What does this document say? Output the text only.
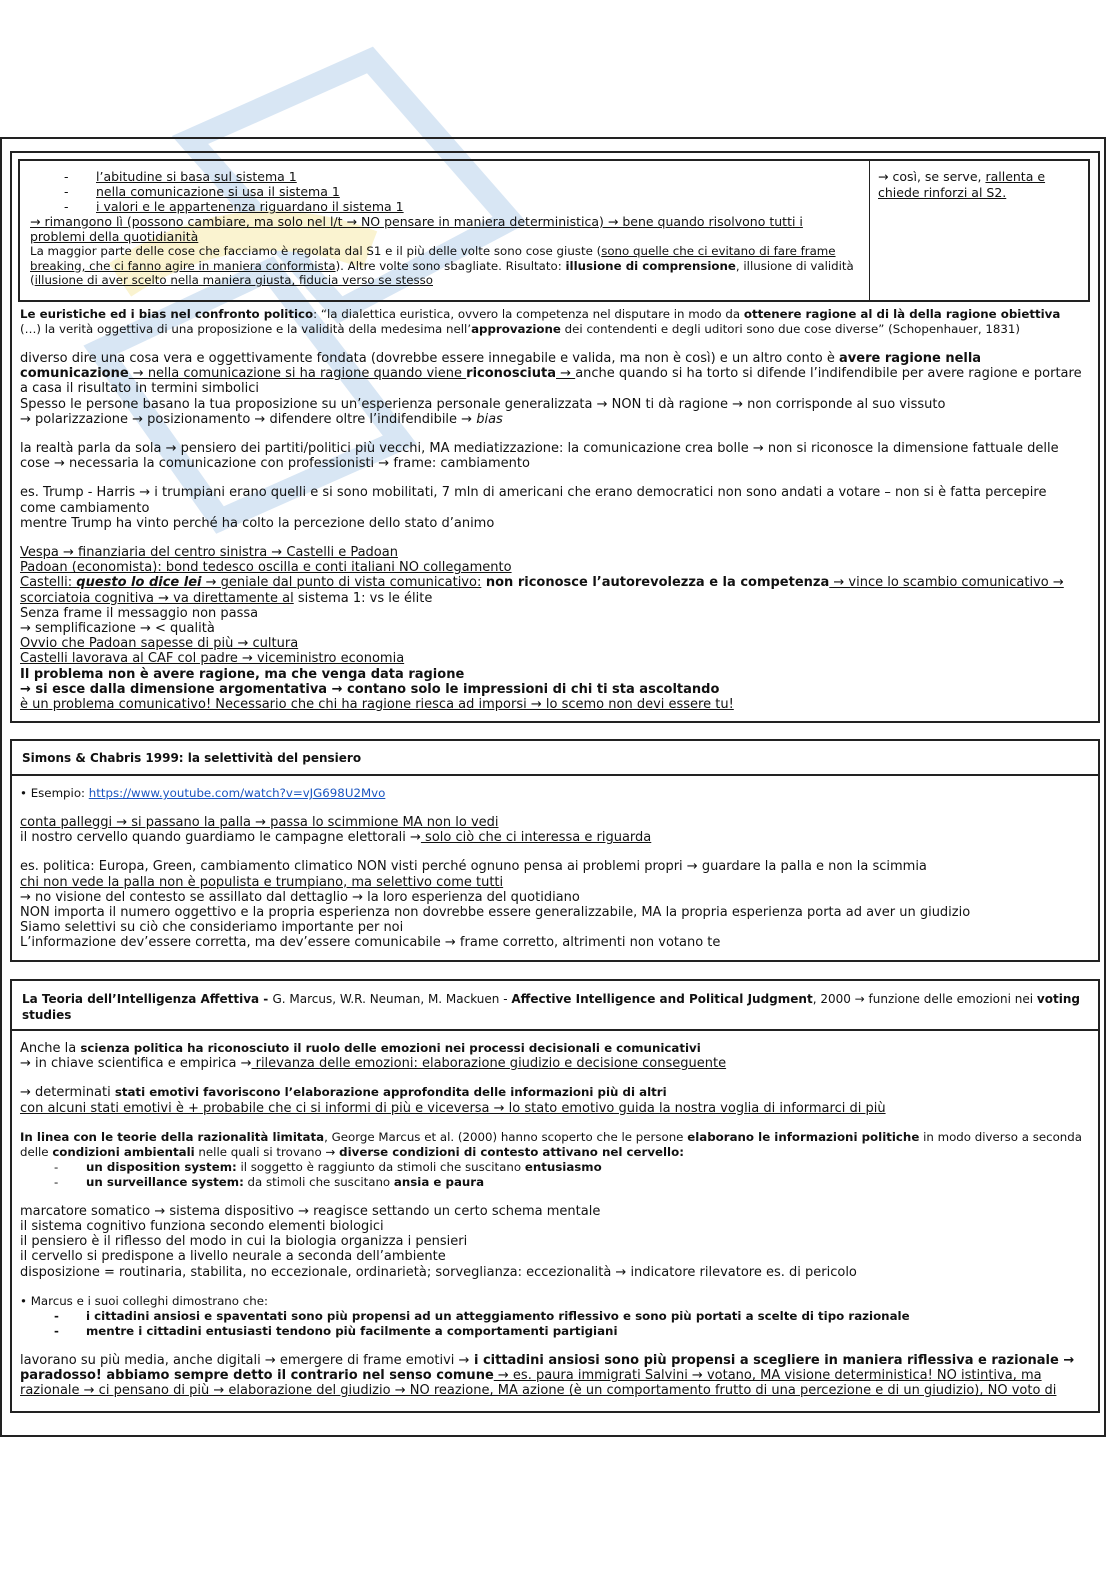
- l’abitudine si basa sul sistema 1
- nella comunicazione si usa il sistema 1
- i valori e le appartenenza riguardano il sistema 1
→ rimangono lì (possono cambiare, ma solo nel l/t → NO pensare in maniera deterministica) → bene quando risolvono tutti i problemi della quotidianità
La maggior parte delle cose che facciamo è regolata dal S1 e il più delle volte sono cose giuste (sono quelle che ci evitano di fare frame breaking, che ci fanno agire in maniera conformista). Altre volte sono sbagliate. Risultato: illusione di comprensione, illusione di validità (illusione di aver scelto nella maniera giusta, fiducia verso se stesso
→ così, se serve, rallenta e chiede rinforzi al S2.

Le euristiche ed i bias nel confronto politico: “la dialettica euristica, ovvero la competenza nel disputare in modo da ottenere ragione al di là della ragione obiettiva (…) la verità oggettiva di una proposizione e la validità della medesima nell’approvazione dei contendenti e degli uditori sono due cose diverse” (Schopenhauer, 1831)

diverso dire una cosa vera e oggettivamente fondata (dovrebbe essere innegabile e valida, ma non è così) e un altro conto è avere ragione nella comunicazione → nella comunicazione si ha ragione quando viene riconosciuta → anche quando si ha torto si difende l’indifendibile per avere ragione e portare a casa il risultato in termini simbolici

Spesso le persone basano la tua proposizione su un’esperienza personale generalizzata → NON ti dà ragione → non corrisponde al suo vissuto

→ polarizzazione → posizionamento → difendere oltre l’indifendibile → bias

la realtà parla da sola → pensiero dei partiti/politici più vecchi, MA mediatizzazione: la comunicazione crea bolle → non si riconosce la dimensione fattuale delle cose → necessaria la comunicazione con professionisti → frame: cambiamento

es. Trump - Harris → i trumpiani erano quelli e si sono mobilitati, 7 mln di americani che erano democratici non sono andati a votare – non si è fatta percepire come cambiamento

mentre Trump ha vinto perché ha colto la percezione dello stato d’animo

Vespa → finanziaria del centro sinistra → Castelli e Padoan

Padoan (economista): bond tedesco oscilla e conti italiani NO collegamento

Castelli: questo lo dice lei → geniale dal punto di vista comunicativo: non riconosce l’autorevolezza e la competenza → vince lo scambio comunicativo → scorciatoia cognitiva → va direttamente al sistema 1: vs le élite

Senza frame il messaggio non passa

→ semplificazione → < qualità

Ovvio che Padoan sapesse di più → cultura

Castelli lavorava al CAF col padre → viceministro economia

Il problema non è avere ragione, ma che venga data ragione

→ si esce dalla dimensione argomentativa → contano solo le impressioni di chi ti sta ascoltando

è un problema comunicativo! Necessario che chi ha ragione riesca ad imporsi → lo scemo non devi essere tu!

Simons & Chabris 1999: la selettività del pensiero

• Esempio: https://www.youtube.com/watch?v=vJG698U2Mvo

conta palleggi → si passano la palla → passa lo scimmione MA non lo vedi

il nostro cervello quando guardiamo le campagne elettorali → solo ciò che ci interessa e riguarda

es. politica: Europa, Green, cambiamento climatico NON visti perché ognuno pensa ai problemi propri → guardare la palla e non la scimmia

chi non vede la palla non è populista e trumpiano, ma selettivo come tutti

→ no visione del contesto se assillato dal dettaglio → la loro esperienza del quotidiano

NON importa il numero oggettivo e la propria esperienza non dovrebbe essere generalizzabile, MA la propria esperienza porta ad aver un giudizio

Siamo selettivi su ciò che consideriamo importante per noi

L’informazione dev’essere corretta, ma dev’essere comunicabile → frame corretto, altrimenti non votano te

La Teoria dell’Intelligenza Affettiva - G. Marcus, W.R. Neuman, M. Mackuen - Affective Intelligence and Political Judgment, 2000 → funzione delle emozioni nei voting studies

Anche la scienza politica ha riconosciuto il ruolo delle emozioni nei processi decisionali e comunicativi

→ in chiave scientifica e empirica → rilevanza delle emozioni: elaborazione giudizio e decisione conseguente

→ determinati stati emotivi favoriscono l’elaborazione approfondita delle informazioni più di altri

con alcuni stati emotivi è + probabile che ci si informi di più e viceversa → lo stato emotivo guida la nostra voglia di informarci di più

In linea con le teorie della razionalità limitata, George Marcus et al. (2000) hanno scoperto che le persone elaborano le informazioni politiche in modo diverso a seconda delle condizioni ambientali nelle quali si trovano → diverse condizioni di contesto attivano nel cervello:

- un disposition system: il soggetto è raggiunto da stimoli che suscitano entusiasmo

- un surveillance system: da stimoli che suscitano ansia e paura

marcatore somatico → sistema dispositivo → reagisce settando un certo schema mentale

il sistema cognitivo funziona secondo elementi biologici

il pensiero è il riflesso del modo in cui la biologia organizza i pensieri

il cervello si predispone a livello neurale a seconda dell’ambiente

disposizione = routinaria, stabilita, no eccezionale, ordinarietà; sorveglianza: eccezionalità → indicatore rilevatore es. di pericolo

• Marcus e i suoi colleghi dimostrano che:

- i cittadini ansiosi e spaventati sono più propensi ad un atteggiamento riflessivo e sono più portati a scelte di tipo razionale

- mentre i cittadini entusiasti tendono più facilmente a comportamenti partigiani

lavorano su più media, anche digitali → emergere di frame emotivi → i cittadini ansiosi sono più propensi a scegliere in maniera riflessiva e razionale → paradosso! abbiamo sempre detto il contrario nel senso comune → es. paura immigrati Salvini → votano, MA visione deterministica! NO istintiva, ma razionale → ci pensano di più → elaborazione del giudizio → NO reazione, MA azione (è un comportamento frutto di una percezione e di un giudizio), NO voto di
